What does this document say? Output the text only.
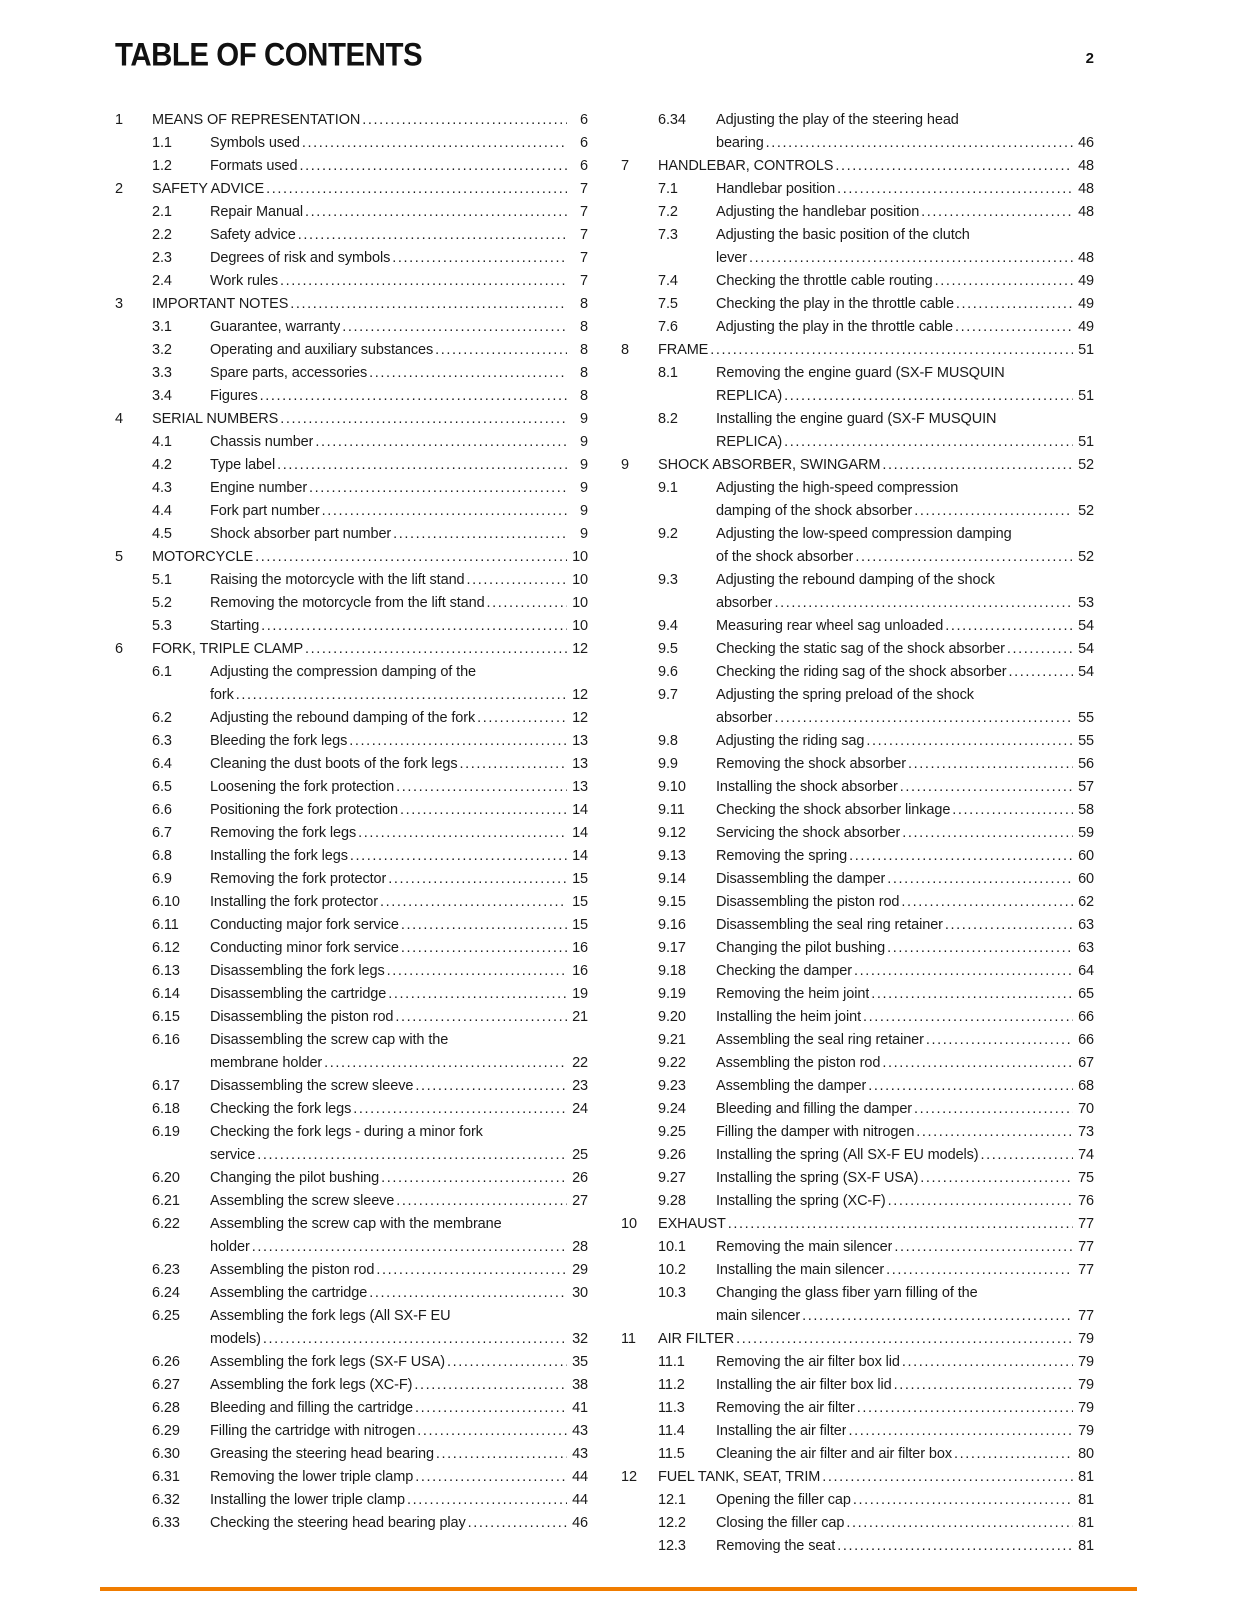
TABLE OF CONTENTS	2
1	MEANS OF REPRESENTATION .....	6
1.1	Symbols used .....	6
1.2	Formats used .....	6
2	SAFETY ADVICE .....	7
2.1	Repair Manual .....	7
2.2	Safety advice .....	7
2.3	Degrees of risk and symbols .....	7
2.4	Work rules .....	7
3	IMPORTANT NOTES .....	8
3.1	Guarantee, warranty .....	8
3.2	Operating and auxiliary substances .....	8
3.3	Spare parts, accessories .....	8
3.4	Figures .....	8
4	SERIAL NUMBERS .....	9
4.1	Chassis number .....	9
4.2	Type label .....	9
4.3	Engine number .....	9
4.4	Fork part number .....	9
4.5	Shock absorber part number .....	9
5	MOTORCYCLE .....	10
5.1	Raising the motorcycle with the lift stand .....	10
5.2	Removing the motorcycle from the lift stand .....	10
5.3	Starting .....	10
6	FORK, TRIPLE CLAMP .....	12
6.1	Adjusting the compression damping of the
fork .....	12
6.2	Adjusting the rebound damping of the fork .....	12
6.3	Bleeding the fork legs .....	13
6.4	Cleaning the dust boots of the fork legs .....	13
6.5	Loosening the fork protection .....	13
6.6	Positioning the fork protection .....	14
6.7	Removing the fork legs .....	14
6.8	Installing the fork legs .....	14
6.9	Removing the fork protector .....	15
6.10	Installing the fork protector .....	15
6.11	Conducting major fork service .....	15
6.12	Conducting minor fork service .....	16
6.13	Disassembling the fork legs .....	16
6.14	Disassembling the cartridge .....	19
6.15	Disassembling the piston rod .....	21
6.16	Disassembling the screw cap with the
membrane holder .....	22
6.17	Disassembling the screw sleeve .....	23
6.18	Checking the fork legs .....	24
6.19	Checking the fork legs - during a minor fork
service .....	25
6.20	Changing the pilot bushing .....	26
6.21	Assembling the screw sleeve .....	27
6.22	Assembling the screw cap with the membrane
holder .....	28
6.23	Assembling the piston rod .....	29
6.24	Assembling the cartridge .....	30
6.25	Assembling the fork legs (All SX-F EU
models) .....	32
6.26	Assembling the fork legs (SX-F USA) .....	35
6.27	Assembling the fork legs (XC-F) .....	38
6.28	Bleeding and filling the cartridge .....	41
6.29	Filling the cartridge with nitrogen .....	43
6.30	Greasing the steering head bearing .....	43
6.31	Removing the lower triple clamp .....	44
6.32	Installing the lower triple clamp .....	44
6.33	Checking the steering head bearing play .....	46
6.34	Adjusting the play of the steering head
bearing .....	46
7	HANDLEBAR, CONTROLS .....	48
7.1	Handlebar position .....	48
7.2	Adjusting the handlebar position .....	48
7.3	Adjusting the basic position of the clutch
lever .....	48
7.4	Checking the throttle cable routing .....	49
7.5	Checking the play in the throttle cable .....	49
7.6	Adjusting the play in the throttle cable .....	49
8	FRAME .....	51
8.1	Removing the engine guard (SX-F MUSQUIN
REPLICA) .....	51
8.2	Installing the engine guard (SX-F MUSQUIN
REPLICA) .....	51
9	SHOCK ABSORBER, SWINGARM .....	52
9.1	Adjusting the high-speed compression
damping of the shock absorber .....	52
9.2	Adjusting the low-speed compression damping
of the shock absorber .....	52
9.3	Adjusting the rebound damping of the shock
absorber .....	53
9.4	Measuring rear wheel sag unloaded .....	54
9.5	Checking the static sag of the shock absorber .....	54
9.6	Checking the riding sag of the shock absorber .....	54
9.7	Adjusting the spring preload of the shock
absorber .....	55
9.8	Adjusting the riding sag .....	55
9.9	Removing the shock absorber .....	56
9.10	Installing the shock absorber .....	57
9.11	Checking the shock absorber linkage .....	58
9.12	Servicing the shock absorber .....	59
9.13	Removing the spring .....	60
9.14	Disassembling the damper .....	60
9.15	Disassembling the piston rod .....	62
9.16	Disassembling the seal ring retainer .....	63
9.17	Changing the pilot bushing .....	63
9.18	Checking the damper .....	64
9.19	Removing the heim joint .....	65
9.20	Installing the heim joint .....	66
9.21	Assembling the seal ring retainer .....	66
9.22	Assembling the piston rod .....	67
9.23	Assembling the damper .....	68
9.24	Bleeding and filling the damper .....	70
9.25	Filling the damper with nitrogen .....	73
9.26	Installing the spring (All SX-F EU models) .....	74
9.27	Installing the spring (SX-F USA) .....	75
9.28	Installing the spring (XC-F) .....	76
10	EXHAUST .....	77
10.1	Removing the main silencer .....	77
10.2	Installing the main silencer .....	77
10.3	Changing the glass fiber yarn filling of the
main silencer .....	77
11	AIR FILTER .....	79
11.1	Removing the air filter box lid .....	79
11.2	Installing the air filter box lid .....	79
11.3	Removing the air filter .....	79
11.4	Installing the air filter .....	79
11.5	Cleaning the air filter and air filter box .....	80
12	FUEL TANK, SEAT, TRIM .....	81
12.1	Opening the filler cap .....	81
12.2	Closing the filler cap .....	81
12.3	Removing the seat .....	81
